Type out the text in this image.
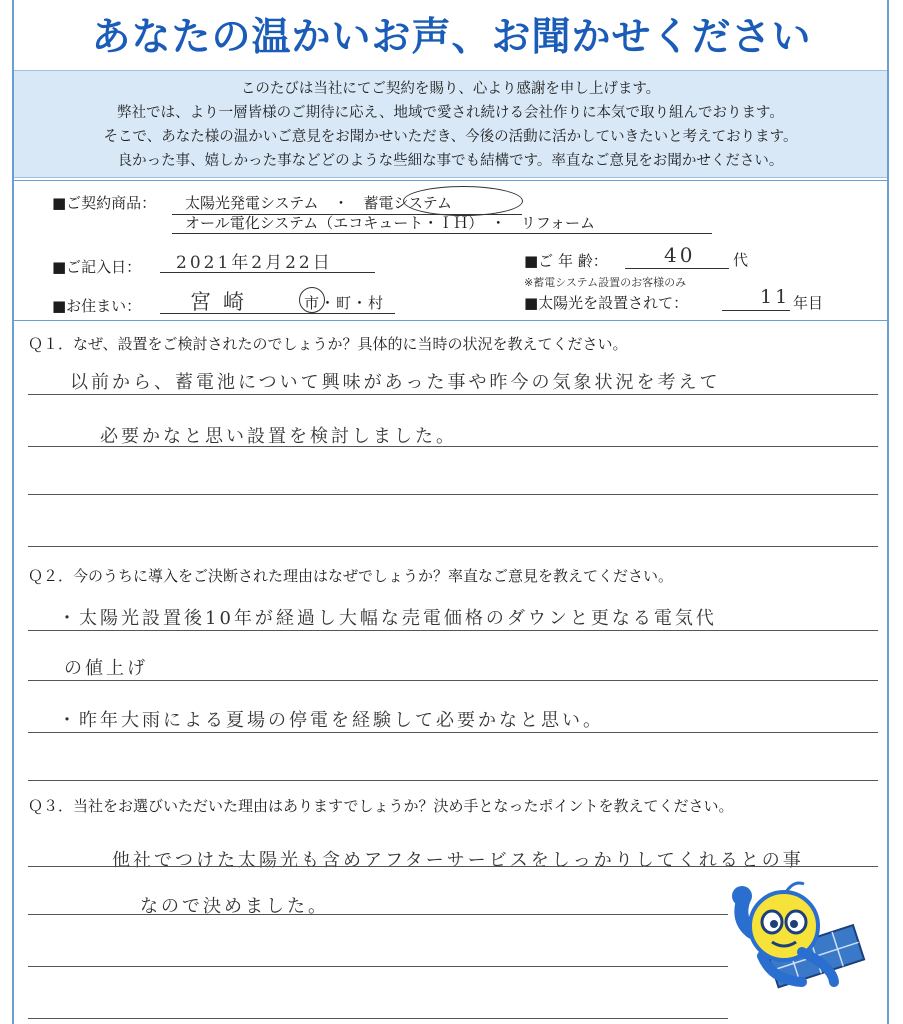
あなたの温かいお声、お聞かせください
このたびは当社にてご契約を賜り、心より感謝を申し上げます。
弊社では、より一層皆様のご期待に応え、地域で愛され続ける会社作りに本気で取り組んでおります。
そこで、あなた様の温かいご意見をお聞かせいただき、今後の活動に活かしていきたいと考えております。
良かった事、嬉しかった事などどのような些細な事でも結構です。率直なご意見をお聞かせください。
■ご契約商品： 太陽光発電システム　・　蓄電システム
オール電化システム（エコキュート・ＩＨ）　・　リフォーム
■ご記入日： 2021年2月22日	■ご 年 齢：	40	代
※蓄電システム設置のお客様のみ
■お住まい： 宮崎	市・町・村	■太陽光を設置されて：	11 年目
Ｑ１．なぜ、設置をご検討されたのでしょうか？具体的に当時の状況を教えてください。
以前から、蓄電池について興味があった事や昨今の気象状況を考えて
必要かなと思い設置を検討しました。
Ｑ２．今のうちに導入をご決断された理由はなぜでしょうか？率直なご意見を教えてください。
・太陽光設置後10年が経過し大幅な売電価格のダウンと更なる電気代
の値上げ
・昨年大雨による夏場の停電を経験して必要かなと思い。
Ｑ３．当社をお選びいただいた理由はありますでしょうか？決め手となったポイントを教えてください。
他社でつけた太陽光も含めアフターサービスをしっかりしてくれるとの事
なので決めました。
